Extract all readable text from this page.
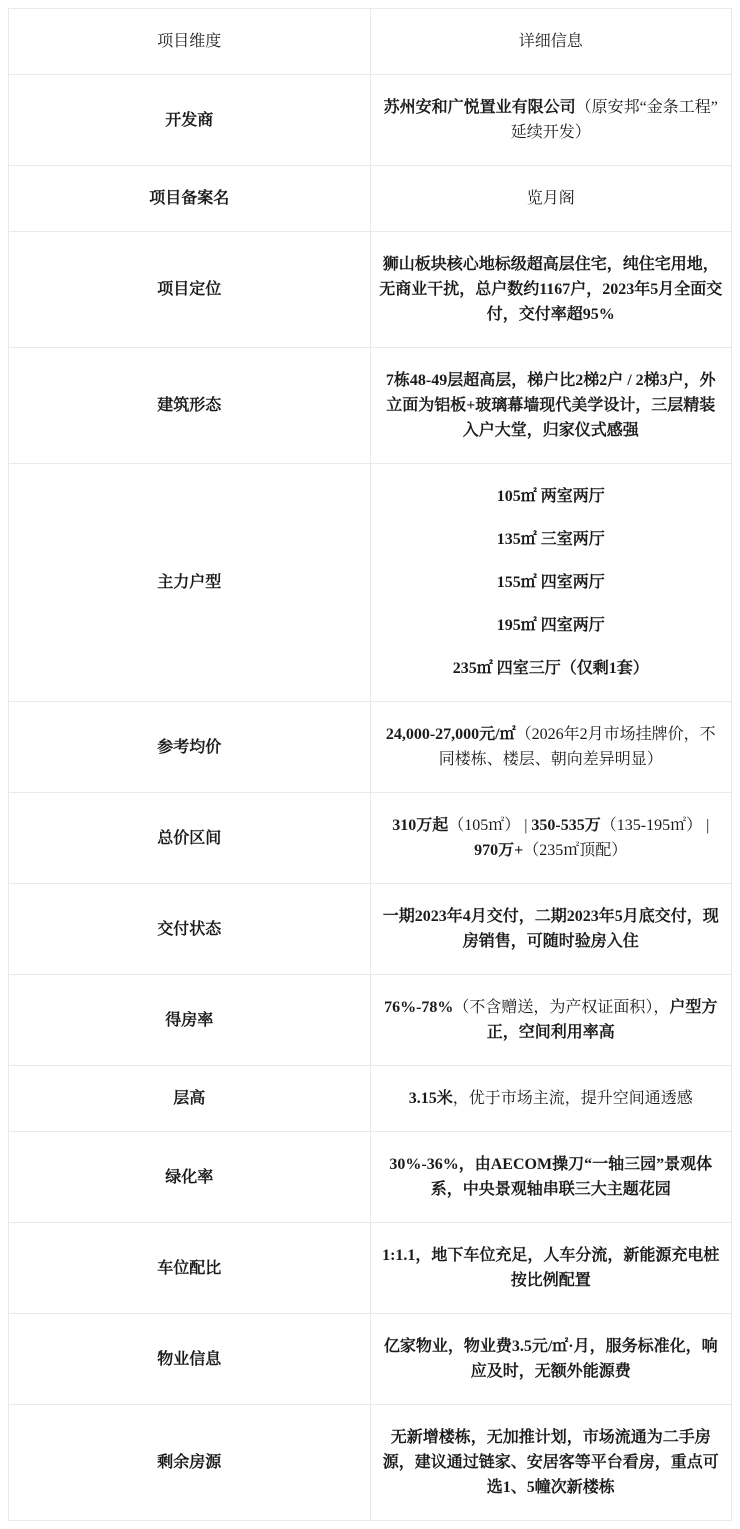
项目维度	详细信息
开发商	苏州安和广悦置业有限公司（原安邦“金条工程”延续开发）

项目备案名	览月阁

项目定位	狮山板块核心地标级超高层住宅，纯住宅用地，无商业干扰，总户数约1167户，2023年5月全面交付，交付率超95%

建筑形态	7栋48-49层超高层，梯户比2梯2户 / 2梯3户，外立面为铝板+玻璃幕墙现代美学设计，三层精装入户大堂，归家仪式感强

主力户型	105㎡ 两室两厅

135㎡ 三室两厅

155㎡ 四室两厅

195㎡ 四室两厅

235㎡ 四室三厅（仅剩1套）

参考均价	24,000-27,000元/㎡（2026年2月市场挂牌价，不同楼栋、楼层、朝向差异明显）

总价区间	310万起（105㎡） | 350-535万（135-195㎡） | 970万+（235㎡顶配）

交付状态	一期2023年4月交付，二期2023年5月底交付，现房销售，可随时验房入住

得房率	76%-78%（不含赠送，为产权证面积），户型方正，空间利用率高

层高	3.15米，优于市场主流，提升空间通透感

绿化率	30%-36%，由AECOM操刀“一轴三园”景观体系，中央景观轴串联三大主题花园

车位配比	1:1.1，地下车位充足，人车分流，新能源充电桩按比例配置

物业信息	亿家物业，物业费3.5元/㎡·月，服务标准化，响应及时，无额外能源费

剩余房源	无新增楼栋，无加推计划，市场流通为二手房源，建议通过链家、安居客等平台看房，重点可选1、5幢次新楼栋
